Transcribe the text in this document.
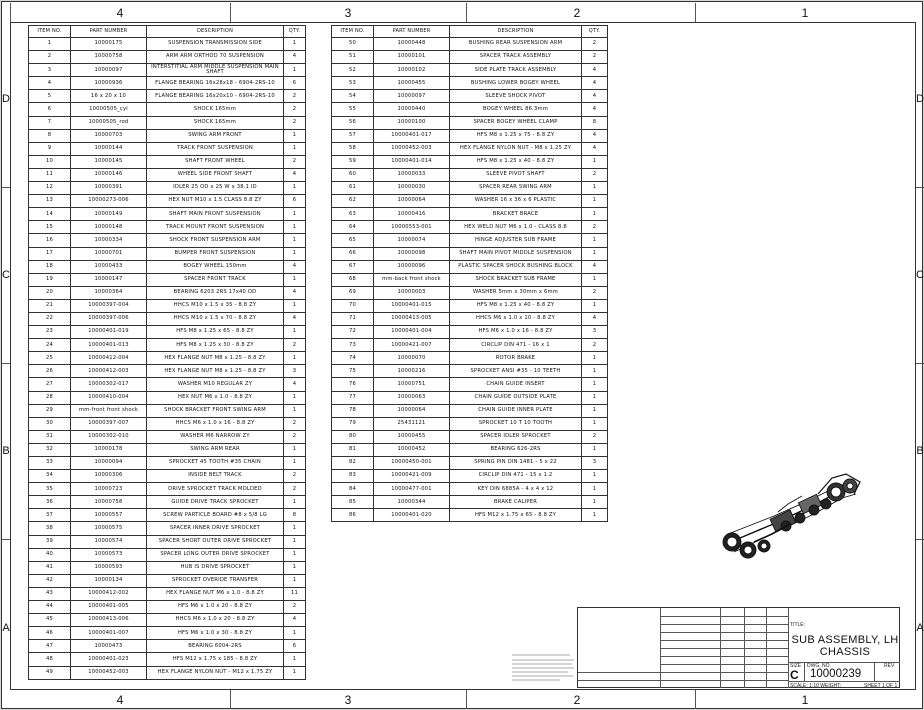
4	3	2	1
4	3	2	1
D
C
B
A
D
C
B
A
ITEM NO.	PART NUMBER	DESCRIPTION	QTY.
1	10000175	SUSPENSION TRANSMISSION SIDE	1
2	10000758	ARM ARM ORTHOD 70 SUSPENSION	4
3	10000097	INTERSTITIAL ARM MIDDLE SUSPENSION MAIN SHAFT	1
4	10000936	FLANGE BEARING 16x28x18 - 6904-2RS-10	6
5	16 x 20 x 10	FLANGE BEARING 16x20x10 - 6904-2RS-10	2
6	10000505_cyl	SHOCK 165mm	2
7	10000505_rod	SHOCK 165mm	2
8	10000703	SWING ARM FRONT	1
9	10000144	TRACK FRONT SUSPENSION	1
10	10000145	SHAFT FRONT WHEEL	2
11	10000146	WHEEL SIDE FRONT SHAFT	4
12	10000391	IDLER 25 OD x 25 W x 38.1 ID	1
13	10000273-006	HEX NUT M10 x 1.5 CLASS 8.8 ZY	6
14	10000149	SHAFT MAIN FRONT SUSPENSION	1
15	10000148	TRACK MOUNT FRONT SUSPENSION	1
16	10000334	SHOCK FRONT SUSPENSION ARM	1
17	10000701	BUMPER FRONT SUSPENSION	1
18	10000433	BOGEY WHEEL 150mm	4
19	10000147	SPACER FRONT TRACK	1
20	10000364	BEARING 6203 2RS 17x40 OD	4
21	10000397-004	HHCS M10 x 1.5 x 35 - 8.8 ZY	1
22	10000397-006	HHCS M10 x 1.5 x 70 - 8.8 ZY	4
23	10000401-019	HFS M8 x 1.25 x 65 - 8.8 ZY	1
24	10000401-013	HFS M8 x 1.25 x 30 - 8.8 ZY	2
25	10000412-004	HEX FLANGE NUT M8 x 1.25 - 8.8 ZY	1
26	10000412-003	HEX FLANGE NUT M8 x 1.25 - 8.8 ZY	3
27	10000302-017	WASHER M10 REGULAR ZY	4
28	10000410-004	HEX NUT M6 x 1.0 - 8.8 ZY	1
29	mm-front front shock	SHOCK BRACKET FRONT SWING ARM	1
30	10000397-007	HHCS M6 x 1.0 x 16 - 8.8 ZY	2
31	10000302-010	WASHER M6 NARROW ZY	2
32	10000178	SWING ARM REAR	1
33	10000094	SPROCKET 45 TOOTH #35 CHAIN	1
34	10000306	INSIDE BELT TRACK	2
35	10000723	DRIVE SPROCKET TRACK MOLDED	2
36	10000758	GUIDE DRIVE TRACK SPROCKET	1
37	10000557	SCREW PARTICLE BOARD #8 x 5/8 LG	8
38	10000575	SPACER INNER DRIVE SPROCKET	1
39	10000574	SPACER SHORT OUTER DRIVE SPROCKET	1
40	10000573	SPACER LONG OUTER DRIVE SPROCKET	1
41	10000593	HUB IS DRIVE SPROCKET	1
42	10000134	SPROCKET OVERIDE TRANSFER	1
43	10000412-002	HEX FLANGE NUT M6 x 1.0 - 8.8 ZY	11
44	10000401-005	HFS M6 x 1.0 x 20 - 8.8 ZY	2
45	10000413-006	HHCS M6 x 1.0 x 20 - 8.8 ZY	4
46	10000401-007	HFS M6 x 1.0 x 30 - 8.8 ZY	1
47	10000473	BEARING 6004-2RS	6
48	10000401-023	HFS M12 x 1.75 x 185 - 8.8 ZY	1
49	10000452-003	HEX FLANGE NYLON NUT - M12 x 1.75 ZY	1
ITEM NO.	PART NUMBER	DESCRIPTION	QTY.
50	10000448	BUSHING REAR SUSPENSION ARM	2
51	10000101	SPACER TRACK ASSEMBLY	2
52	10000102	SIDE PLATE TRACK ASSEMBLY	4
53	10000455	BUSHING LOWER BOGEY WHEEL	4
54	10000097	SLEEVE SHOCK PIVOT	4
55	10000440	BOGEY WHEEL 86.3mm	4
56	10000100	SPACER BOGEY WHEEL CLAMP	8
57	10000401-017	HFS M8 x 1.25 x 75 - 8.8 ZY	4
58	10000452-003	HEX FLANGE NYLON NUT - M8 x 1.25 ZY	4
59	10000401-014	HFS M8 x 1.25 x 40 - 8.8 ZY	1
60	10000033	SLEEVE PIVOT SHAFT	2
61	10000030	SPACER REAR SWING ARM	1
62	10000064	WASHER 16 x 36 x 6 PLASTIC	1
63	10000416	BRACKET BRACE	1
64	10000553-001	HEX WELD NUT M6 x 1.0 - CLASS 8.8	2
65	10000074	HINGE ADJUSTER SUB FRAME	1
66	10000098	SHAFT MAIN PIVOT MIDDLE SUSPENSION	1
67	10000096	PLASTIC SPACER SHOCK BUSHING BLOCK	4
68	mm-back front shock	SHOCK BRACKET SUB FRAME	1
69	10000003	WASHER 5mm x 30mm x 6mm	2
70	10000401-015	HFS M8 x 1.25 x 40 - 8.8 ZY	1
71	10000413-005	HHCS M6 x 1.0 x 10 - 8.8 ZY	4
72	10000401-004	HFS M6 x 1.0 x 16 - 8.8 ZY	3
73	10000421-007	CIRCLIP DIN 471 - 16 x 1	2
74	10000070	ROTOR BRAKE	1
75	10000216	SPROCKET ANSI #35 - 10 TEETH	1
76	10000751	CHAIN GUIDE INSERT	1
77	10000063	CHAIN GUIDE OUTSIDE PLATE	1
78	10000064	CHAIN GUIDE INNER PLATE	1
79	25431121	SPROCKET 10 T 10 TOOTH	1
80	10000455	SPACER IDLER SPROCKET	2
81	10000452	BEARING 626-2RS	1
82	10000450-001	SPRING PIN DIN 1481 - 5 x 22	3
83	10000421-009	CIRCLIP DIN 471 - 15 x 1.2	1
84	10000477-001	KEY DIN 6885A - 4 x 4 x 12	1
85	10000344	BRAKE CALIPER	1
86	10000401-020	HFS M12 x 1.75 x 65 - 8.8 ZY	1
TITLE:
SUB ASSEMBLY, LH CHASSIS
SIZE DWG. NO.	REV
C 10000239
SCALE: 1:10 WEIGHT:	SHEET 1 OF 1
